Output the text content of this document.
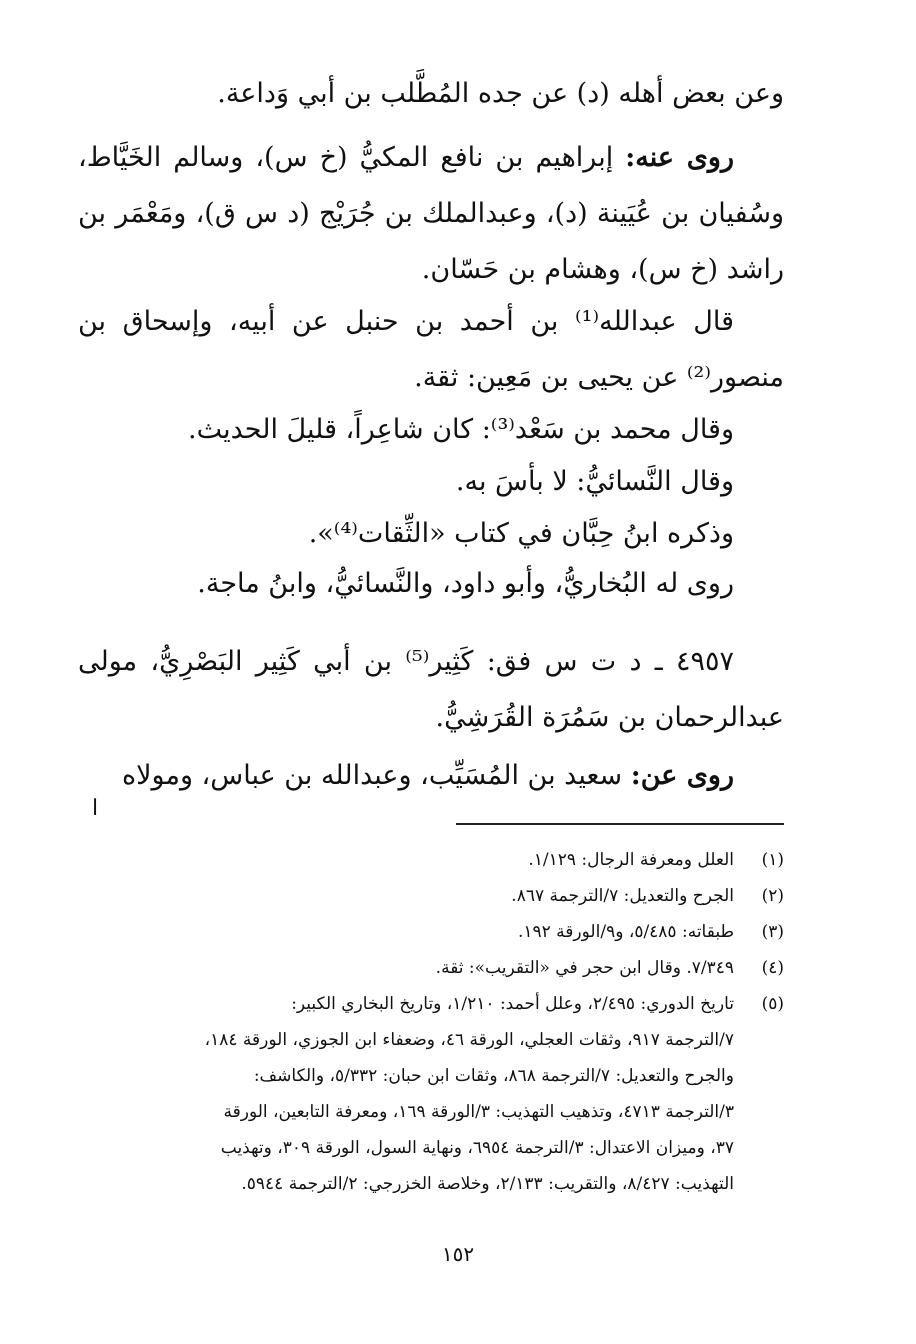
وعن بعض أهله (د) عن جده المُطَّلب بن أبي وَداعة.
روى عنه: إبراهيم بن نافع المكيُّ (خ س)، وسالم الخَيَّاط، وسُفيان بن عُيَينة (د)، وعبدالملك بن جُرَيْج (د س ق)، ومَعْمَر بن راشد (خ س)، وهشام بن حَسّان.
قال عبدالله⁽¹⁾ بن أحمد بن حنبل عن أبيه، وإسحاق بن منصور⁽²⁾ عن يحيى بن مَعِين: ثقة.
وقال محمد بن سَعْد⁽³⁾: كان شاعِراً، قليلَ الحديث.
وقال النَّسائيُّ: لا بأسَ به.
وذكره ابنُ حِبَّان في كتاب «الثِّقات⁽⁴⁾».
روى له البُخاريُّ، وأبو داود، والنَّسائيُّ، وابنُ ماجة.
٤٩٥٧ ـ د ت س فق: كَثِير⁽⁵⁾ بن أبي كَثِير البَصْرِيُّ، مولى عبدالرحمان بن سَمُرَة القُرَشِيُّ.
روى عن: سعيد بن المُسَيِّب، وعبدالله بن عباس، ومولاه
ا
(١)
العلل ومعرفة الرجال: ١/١٢٩.
(٢)
الجرح والتعديل: ٧/الترجمة ٨٦٧.
(٣)
طبقاته: ٥/٤٨٥، و٩/الورقة ١٩٢.
(٤)
٧/٣٤٩. وقال ابن حجر في «التقريب»: ثقة.
(٥)
تاريخ الدوري: ٢/٤٩٥، وعلل أحمد: ١/٢١٠، وتاريخ البخاري الكبير:
٧/الترجمة ٩١٧، وثقات العجلي، الورقة ٤٦، وضعفاء ابن الجوزي، الورقة ١٨٤،
والجرح والتعديل: ٧/الترجمة ٨٦٨، وثقات ابن حبان: ٥/٣٣٢، والكاشف:
٣/الترجمة ٤٧١٣، وتذهيب التهذيب: ٣/الورقة ١٦٩، ومعرفة التابعين، الورقة
٣٧، وميزان الاعتدال: ٣/الترجمة ٦٩٥٤، ونهاية السول، الورقة ٣٠٩، وتهذيب
التهذيب: ٨/٤٢٧، والتقريب: ٢/١٣٣، وخلاصة الخزرجي: ٢/الترجمة ٥٩٤٤.
١٥٢
